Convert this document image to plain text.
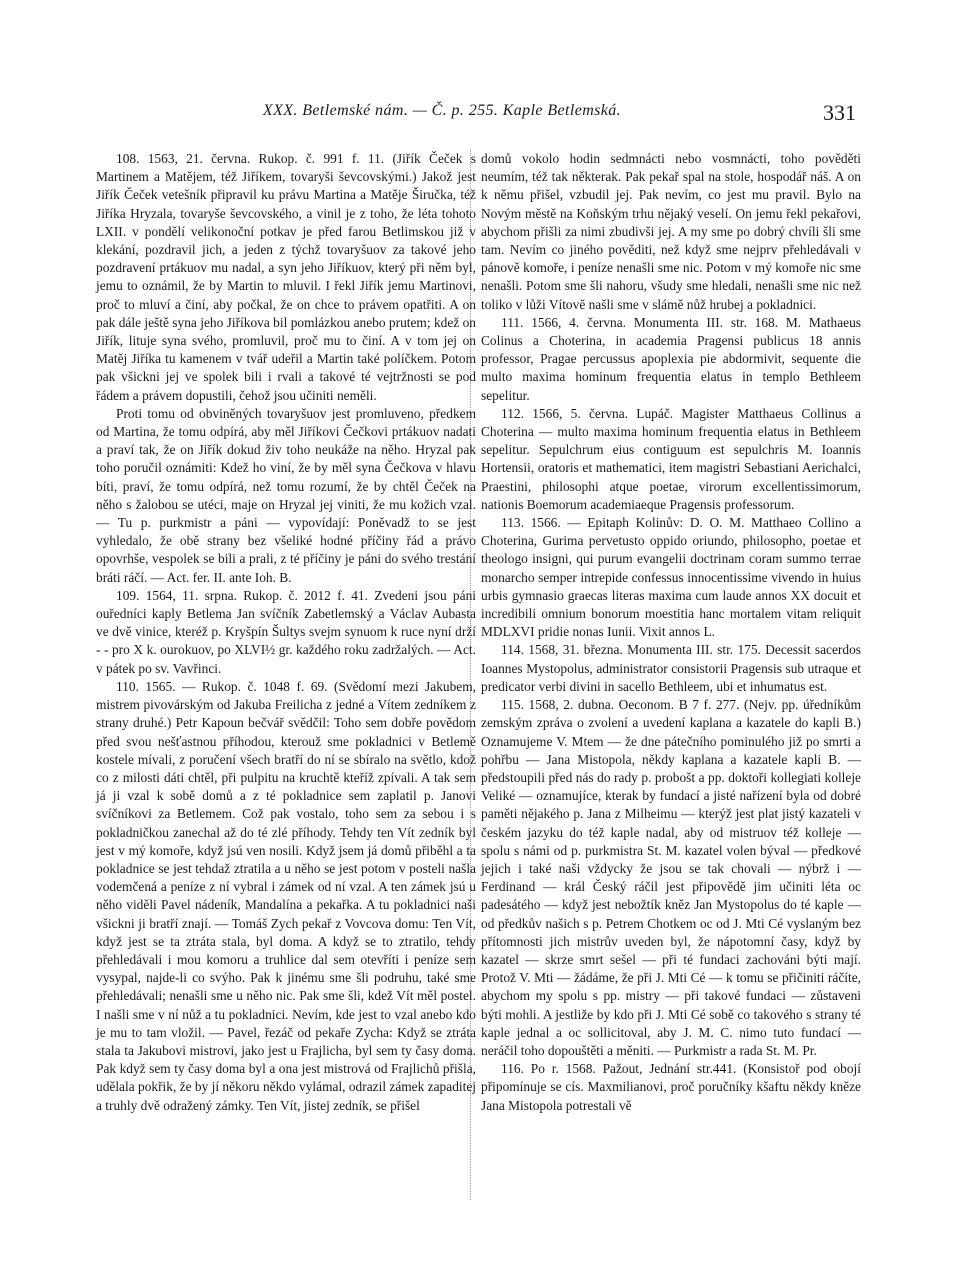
XXX. Betlemské nám. — Č. p. 255. Kaple Betlemská.	331

108. 1563, 21. června. Rukop. č. 991 f. 11. (Jiřík Čeček s Martinem a Matějem, též Jiříkem, tovaryši ševcovskými.) Jakož jest Jiřík Čeček vetešník připravil ku právu Martina a Matěje Širučka, též Jiříka Hryzala, tovaryše ševcovského, a vinil je z toho, že léta tohoto LXII. v pondělí velikonoční potkav je před farou Betlimskou již v klekání, pozdravil jich, a jeden z týchž tovaryšuov za takové jeho pozdravení prtákuov mu nadal, a syn jeho Jiříkuov, který při něm byl, jemu to oznámil, že by Martin to mluvil. I řekl Jiřík jemu Martinovi, proč to mluví a činí, aby počkal, že on chce to právem opatřiti. A on pak dále ještě syna jeho Jiříkova bil pomlázkou anebo prutem; kdež on Jiřík, lituje syna svého, promluvil, proč mu to činí. A v tom jej on Matěj Jiříka tu kamenem v tvář udeřil a Martin také políčkem. Potom pak všickni jej ve spolek bili i rvali a takové té vejtržnosti se pod řádem a právem dopustili, čehož jsou učiniti neměli.

Proti tomu od obviněných tovaryšuov jest promluveno, předkem od Martina, že tomu odpírá, aby měl Jiříkovi Čečkovi prtákuov nadati a praví tak, že on Jiřík dokud živ toho neukáže na něho. Hryzal pak toho poručil oznámiti: Kdež ho viní, že by měl syna Čečkova v hlavu bíti, praví, že tomu odpírá, než tomu rozumí, že by chtěl Čeček na něho s žalobou se utéci, maje on Hryzal jej viniti, že mu kožich vzal. — Tu p. purkmistr a páni — vypovídají: Poněvadž to se jest vyhledalo, že obě strany bez všeliké hodné příčiny řád a právo opovrhše, vespolek se bili a prali, z té příčiny je páni do svého trestání bráti ráčí. — Act. fer. II. ante Ioh. B.

109. 1564, 11. srpna. Rukop. č. 2012 f. 41. Zvedeni jsou páni ouředníci kaply Betlema Jan svíčník Zabetlemský a Václav Aubasta ve dvě vinice, kteréž p. Kryšpín Šultys svejm synuom k ruce nyní drží - - pro X k. ourokuov, po XLVI½ gr. každého roku zadržalých. — Act. v pátek po sv. Vavřinci.

110. 1565. — Rukop. č. 1048 f. 69. (Svědomí mezi Jakubem, mistrem pivovárským od Jakuba Freilicha z jedné a Vítem zedníkem z strany druhé.) Petr Kapoun bečvář svědčil: Toho sem dobře povědom před svou nešťastnou příhodou, kterouž sme pokladnici v Betlemě kostele mívali, z poručení všech bratří do ní se sbíralo na světlo, kdož co z milosti dáti chtěl, při pulpitu na kruchtě kteříž zpívali. A tak sem já ji vzal k sobě domů a z té pokladnice sem zaplatil p. Janovi svíčníkovi za Betlemem. Což pak vostalo, toho sem za sebou i s pokladničkou zanechal až do té zlé příhody. Tehdy ten Vít zedník byl jest v mý komoře, když jsú ven nosili. Když jsem já domů přiběhl a ta pokladnice se jest tehdaž ztratila a u něho se jest potom v posteli našla vodemčená a peníze z ní vybral i zámek od ní vzal. A ten zámek jsú u něho viděli Pavel nádeník, Mandalína a pekařka. A tu pokladnici naši všickni ji bratří znají. — Tomáš Zych pekař z Vovcova domu: Ten Vít, když jest se ta ztráta stala, byl doma. A když se to ztratilo, tehdy přehledávali i mou komoru a truhlice dal sem otevříti i peníze sem vysypal, najde-li co svýho. Pak k jinému sme šli podruhu, také sme přehledávali; nenašli sme u něho nic. Pak sme šli, kdež Vít měl postel. I našli sme v ní nůž a tu pokladnici. Nevím, kde jest to vzal anebo kdo je mu to tam vložil. — Pavel, řezáč od pekaře Zycha: Když se ztráta stala ta Jakubovi mistrovi, jako jest u Frajlicha, byl sem ty časy doma. Pak když sem ty časy doma byl a ona jest mistrová od Frajlichů přišla, udělala pokřik, že by jí někoru někdo vylámal, odrazil zámek zapaditej a truhly dvě odražený zámky. Ten Vít, jistej zedník, se přišel

domů vokolo hodin sedmnácti nebo vosmnácti, toho pověděti neumím, též tak některak. Pak pekař spal na stole, hospodář náš. A on k němu přišel, vzbudil jej. Pak nevím, co jest mu pravil. Bylo na Novým městě na Koňským trhu nějaký veselí. On jemu řekl pekařovi, abychom přišli za nimi zbudivši jej. A my sme po dobrý chvíli šli sme tam. Nevím co jiného pověditi, než když sme nejprv přehledávali v pánově komoře, i peníze nenašli sme nic. Potom v mý komoře nic sme nenašli. Potom sme šli nahoru, všudy sme hledali, nenašli sme nic než toliko v lůži Vítově našli sme v slámě nůž hrubej a pokladnici.

111. 1566, 4. června. Monumenta III. str. 168. M. Mathaeus Colinus a Choterina, in academia Pragensi publicus 18 annis professor, Pragae percussus apoplexia pie abdormivit, sequente die multo maxima hominum frequentia elatus in templo Bethleem sepelitur.

112. 1566, 5. června. Lupáč. Magister Matthaeus Collinus a Choterina — multo maxima hominum frequentia elatus in Bethleem sepelitur. Sepulchrum eius contiguum est sepulchris M. Ioannis Hortensii, oratoris et mathematici, item magistri Sebastiani Aerichalci, Praestini, philosophi atque poetae, virorum excellentissimorum, nationis Boemorum academiaeque Pragensis professorum.

113. 1566. — Epitaph Kolinův: D. O. M. Matthaeo Collino a Choterina, Gurima pervetusto oppido oriundo, philosopho, poetae et theologo insigni, qui purum evangelii doctrinam coram summo terrae monarcho semper intrepide confessus innocentissime vivendo in huius urbis gymnasio graecas literas maxima cum laude annos XX docuit et incredibili omnium bonorum moestitia hanc mortalem vitam reliquit MDLXVI pridie nonas Iunii. Vixit annos L.

114. 1568, 31. března. Monumenta III. str. 175. Decessit sacerdos Ioannes Mystopolus, administrator consistorii Pragensis sub utraque et predicator verbi divini in sacello Bethleem, ubi et inhumatus est.

115. 1568, 2. dubna. Oeconom. B 7 f. 277. (Nejv. pp. úředníkům zemským zpráva o zvolení a uvedení kaplana a kazatele do kapli B.) Oznamujeme V. Mtem — že dne pátečního pominulého již po smrti a pohřbu — Jana Mistopola, někdy kaplana a kazatele kapli B. — předstoupili před nás do rady p. probošt a pp. doktoři kollegiati kolleje Veliké — oznamujíce, kterak by fundací a jisté nařízení byla od dobré paměti nějakého p. Jana z Milheimu — kterýž jest plat jistý kazateli v českém jazyku do též kaple nadal, aby od mistruov též kolleje — spolu s námi od p. purkmistra St. M. kazatel volen býval — předkové jejich i také naši vždycky že jsou se tak chovali — nýbrž i — Ferdinand — král Český ráčil jest připovědě jim učiniti léta oc padesátého — když jest nebožtík kněz Jan Mystopolus do té kaple — od předkův našich s p. Petrem Chotkem oc od J. Mti Cé vyslaným bez přítomnosti jich mistrův uveden byl, že nápotomní časy, když by kazatel — skrze smrt sešel — při té fundaci zachováni býti mají. Protož V. Mti — žádáme, že při J. Mti Cé — k tomu se přičiniti ráčíte, abychom my spolu s pp. mistry — při takové fundaci — zůstaveni býti mohli. A jestliže by kdo při J. Mti Cé sobě co takového s strany té kaple jednal a oc sollicitoval, aby J. M. C. nimo tuto fundací — neráčil toho dopouštěti a měniti. — Purkmistr a rada St. M. Pr.

116. Po r. 1568. Pažout, Jednání str.441. (Konsistoř pod obojí připomínuje se cís. Maxmilianovi, proč poručníky kšaftu někdy kněze Jana Mistopola potrestali vě
